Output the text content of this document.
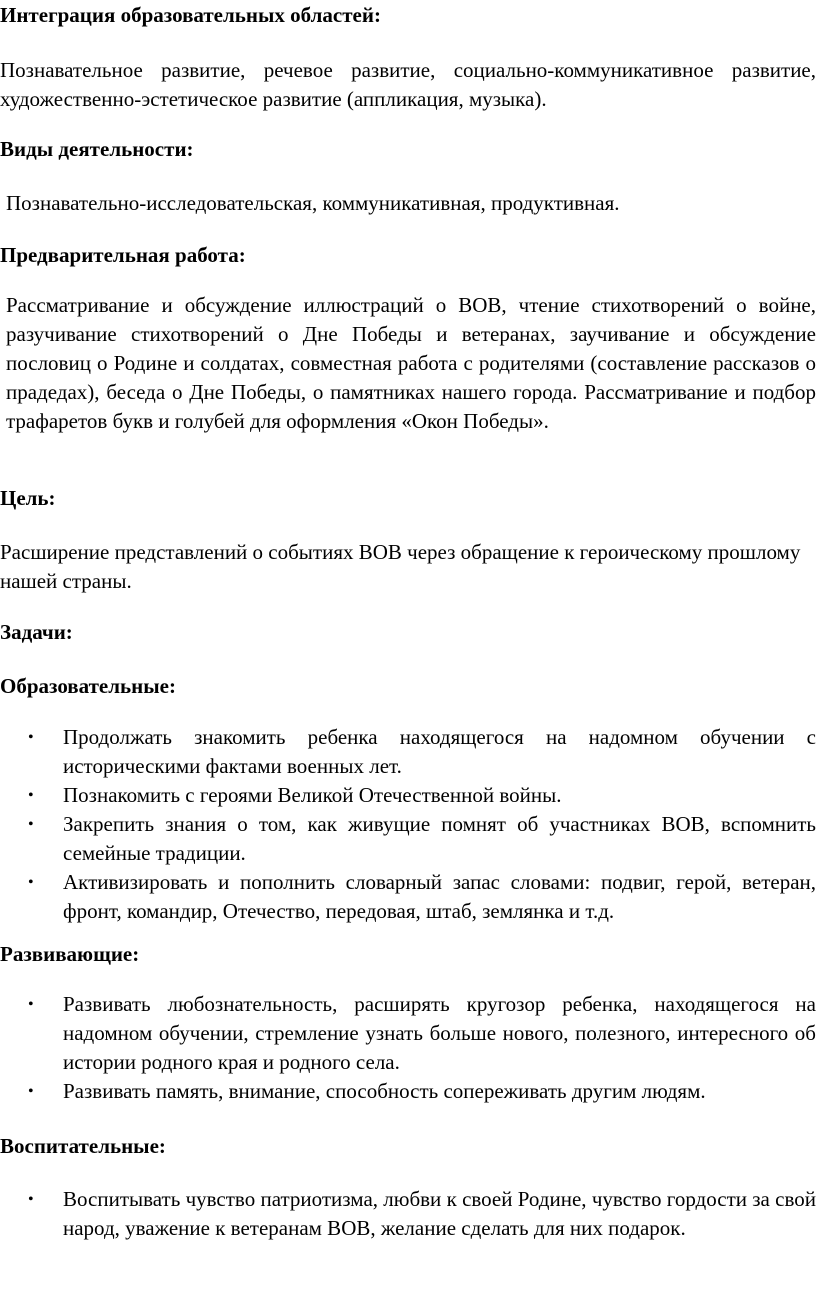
Интеграция образовательных областей:

Познавательное развитие, речевое развитие, социально-коммуникативное развитие, художественно-эстетическое развитие (аппликация, музыка).

Виды деятельности:

Познавательно-исследовательская, коммуникативная, продуктивная.

Предварительная работа:

Рассматривание и обсуждение иллюстраций о ВОВ, чтение стихотворений о войне, разучивание стихотворений о Дне Победы и ветеранах, заучивание и обсуждение пословиц о Родине и солдатах, совместная работа с родителями (составление рассказов о прадедах), беседа о Дне Победы, о памятниках нашего города. Рассматривание и подбор трафаретов букв и голубей для оформления «Окон Победы».

Цель:

Расширение представлений о событиях ВОВ через обращение к героическому прошлому нашей страны.

Задачи:

Образовательные:

• Продолжать знакомить ребенка находящегося на надомном обучении с историческими фактами военных лет.
• Познакомить с героями Великой Отечественной войны.
• Закрепить знания о том, как живущие помнят об участниках ВОВ, вспомнить семейные традиции.
• Активизировать и пополнить словарный запас словами: подвиг, герой, ветеран, фронт, командир, Отечество, передовая, штаб, землянка и т.д.

Развивающие:

• Развивать любознательность, расширять кругозор ребенка, находящегося на надомном обучении, стремление узнать больше нового, полезного, интересного об истории родного края и родного села.
• Развивать память, внимание, способность сопереживать другим людям.

Воспитательные:

• Воспитывать чувство патриотизма, любви к своей Родине, чувство гордости за свой народ, уважение к ветеранам ВОВ, желание сделать для них подарок.
